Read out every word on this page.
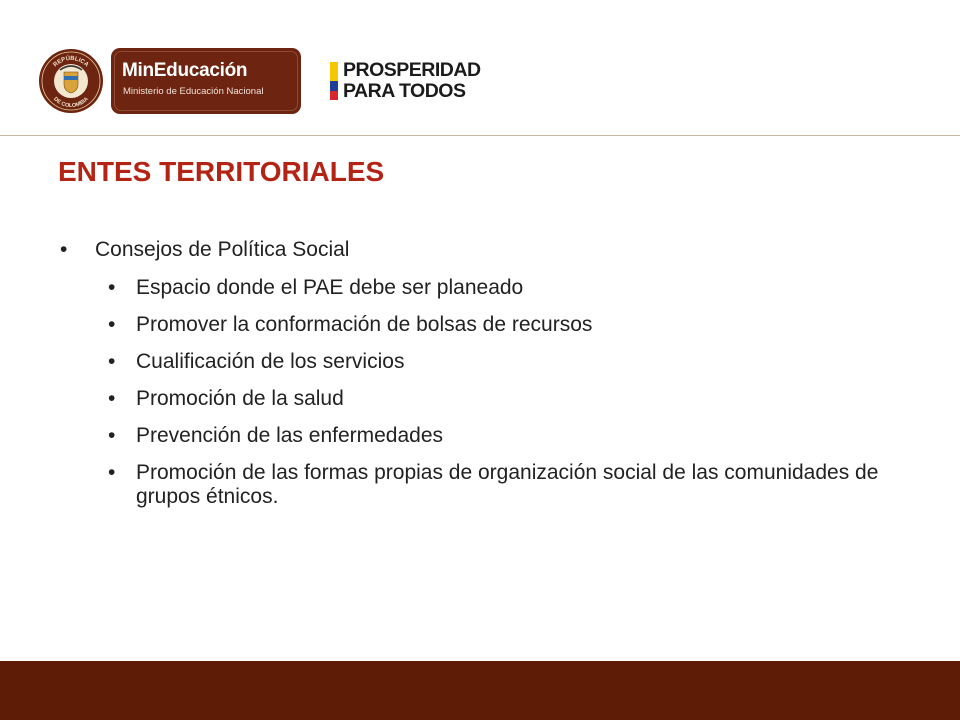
REPÚBLICA
DE COLOMBIA
MinEducación
Ministerio de Educación Nacional
PROSPERIDAD
PARA TODOS
ENTES TERRITORIALES
• Consejos de Política Social
• Espacio donde el PAE debe ser planeado
• Promover la conformación de bolsas de recursos
• Cualificación de los servicios
• Promoción de la salud
• Prevención de las enfermedades
• Promoción de las formas propias de organización social de las comunidades de grupos étnicos.
